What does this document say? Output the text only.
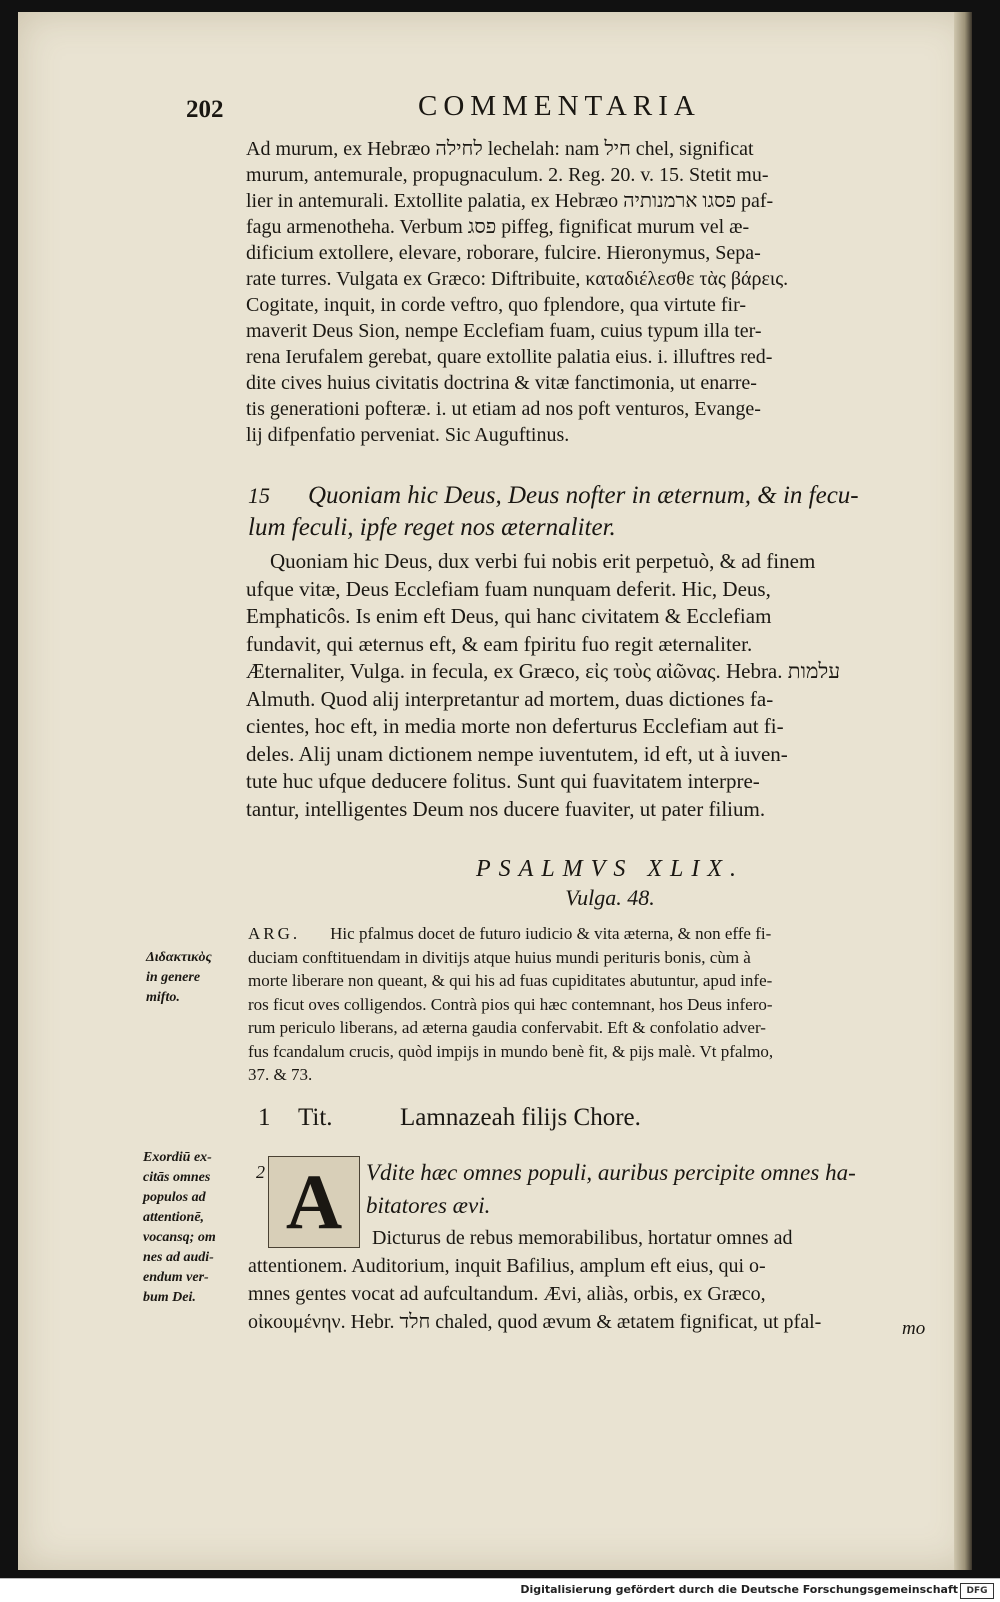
202	COMMENTARIA

Ad murum, ex Hebræo לחילה lechelah: nam חיל chel, significat

murum, antemurale, propugnaculum. 2. Reg. 20. v. 15. Stetit mu-

lier in antemurali. Extollite palatia, ex Hebræo פסגו ארמנותיה paf-

fagu armenotheha. Verbum פסג piffeg, fignificat murum vel æ-

dificium extollere, elevare, roborare, fulcire. Hieronymus, Sepa-

rate turres. Vulgata ex Græco: Diftribuite, καταδιέλεσθε τὰς βάρεις.

Cogitate, inquit, in corde veftro, quo fplendore, qua virtute fir-

maverit Deus Sion, nempe Ecclefiam fuam, cuius typum illa ter-

rena Ierufalem gerebat, quare extollite palatia eius. i. illuftres red-

dite cives huius civitatis doctrina & vitæ fanctimonia, ut enarre-

tis generationi pofteræ. i. ut etiam ad nos poft venturos, Evange-

lij difpenfatio perveniat. Sic Auguftinus.

15	Quoniam hic Deus, Deus nofter in æternum, & in fecu-
lum feculi, ipfe reget nos æternaliter.

Quoniam hic Deus, dux verbi fui nobis erit perpetuò, & ad finem

ufque vitæ, Deus Ecclefiam fuam nunquam deferit. Hic, Deus,

Emphaticôs. Is enim eft Deus, qui hanc civitatem & Ecclefiam

fundavit, qui æternus eft, & eam fpiritu fuo regit æternaliter.

Æternaliter, Vulga. in fecula, ex Græco, εἰς τοὺς αἰῶνας. Hebra. עלמות

Almuth. Quod alij interpretantur ad mortem, duas dictiones fa-

cientes, hoc eft, in media morte non deferturus Ecclefiam aut fi-

deles. Alij unam dictionem nempe iuventutem, id eft, ut à iuven-

tute huc ufque deducere folitus. Sunt qui fuavitatem interpre-

tantur, intelligentes Deum nos ducere fuaviter, ut pater filium.

PSALMVS XLIX.
Vulga. 48.
ARG. Hic pfalmus docet de futuro iudicio & vita æterna, & non effe fi-
duciam conftituendam in divitijs atque huius mundi perituris bonis, cùm à
morte liberare non queant, & qui his ad fuas cupiditates abutuntur, apud infe-
ros ficut oves colligendos. Contrà pios qui hæc contemnant, hos Deus infero-
rum periculo liberans, ad æterna gaudia confervabit. Eft & confolatio adver-
fus fcandalum crucis, quòd impijs in mundo benè fit, & pijs malè. Vt pfalmo,
37. & 73.
Διδακτικὸς
in genere
mifto.
1 Tit.	Lamnazeah filijs Chore.
Exordiū ex-
citās omnes
populos ad
attentionē,
vocansq; om
nes ad audi-
endum ver-
bum Dei.
2 A Vdite hæc omnes populi, auribus percipite omnes ha-
bitatores ævi.
Dicturus de rebus memorabilibus, hortatur omnes ad
attentionem. Auditorium, inquit Bafilius, amplum eft eius, qui o-
mnes gentes vocat ad aufcultandum. Ævi, aliàs, orbis, ex Græco,
οἰκουμένην. Hebr. חלד chaled, quod ævum & ætatem fignificat, ut pfal-	mo
Digitalisierung gefördert durch die Deutsche Forschungsgemeinschaft DFG
